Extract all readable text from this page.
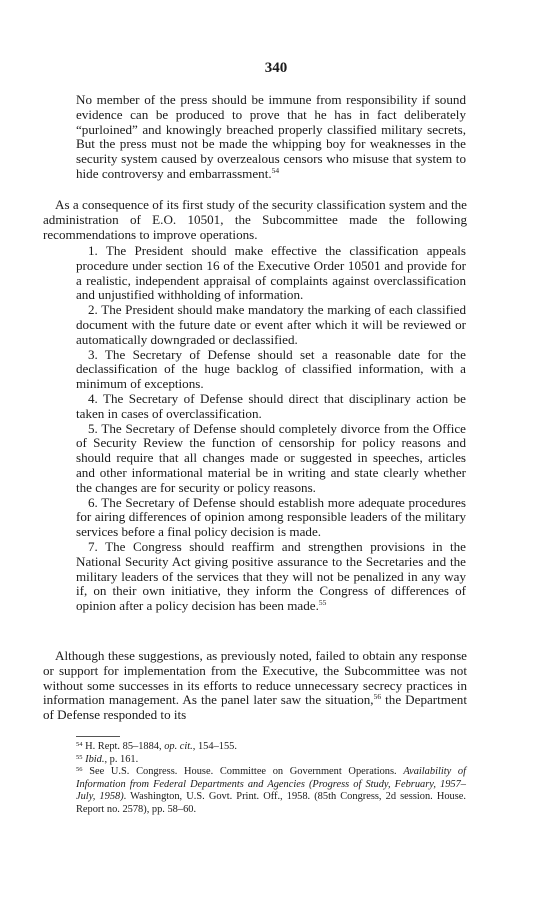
340

No member of the press should be immune from responsibility if sound evidence can be produced to prove that he has in fact deliberately “purloined” and knowingly breached properly classified military secrets, But the press must not be made the whipping boy for weaknesses in the security system caused by overzealous censors who misuse that system to hide controversy and embarrassment.$^{54}$

As a consequence of its first study of the security classification system and the administration of E.O. 10501, the Subcommittee made the following recommendations to improve operations.

1. The President should make effective the classification appeals procedure under section 16 of the Executive Order 10501 and provide for a realistic, independent appraisal of complaints against overclassification and unjustified withholding of information.

2. The President should make mandatory the marking of each classified document with the future date or event after which it will be reviewed or automatically downgraded or declassified.

3. The Secretary of Defense should set a reasonable date for the declassification of the huge backlog of classified information, with a minimum of exceptions.

4. The Secretary of Defense should direct that disciplinary action be taken in cases of overclassification.

5. The Secretary of Defense should completely divorce from the Office of Security Review the function of censorship for policy reasons and should require that all changes made or suggested in speeches, articles and other informational material be in writing and state clearly whether the changes are for security or policy reasons.

6. The Secretary of Defense should establish more adequate procedures for airing differences of opinion among responsible leaders of the military services before a final policy decision is made.

7. The Congress should reaffirm and strengthen provisions in the National Security Act giving positive assurance to the Secretaries and the military leaders of the services that they will not be penalized in any way if, on their own initiative, they inform the Congress of differences of opinion after a policy decision has been made.$^{55}$

Although these suggestions, as previously noted, failed to obtain any response or support for implementation from the Executive, the Subcommittee was not without some successes in its efforts to reduce unnecessary secrecy practices in information management. As the panel later saw the situation,$^{56}$ the Department of Defense responded to its

$^{54}$ H. Rept. 85–1884, op. cit., 154–155.

$^{55}$ Ibid., p. 161.

$^{56}$ See U.S. Congress. House. Committee on Government Operations. Availability of Information from Federal Departments and Agencies (Progress of Study, February, 1957–July, 1958). Washington, U.S. Govt. Print. Off., 1958. (85th Congress, 2d session. House. Report no. 2578), pp. 58–60.
